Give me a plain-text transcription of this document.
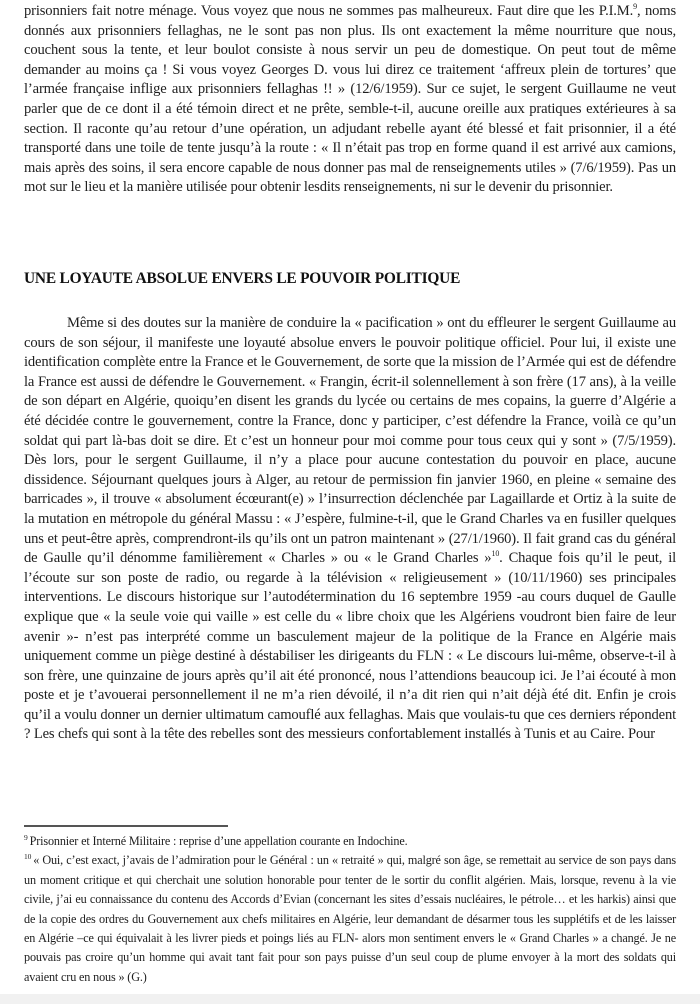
prisonniers fait notre ménage. Vous voyez que nous ne sommes pas malheureux. Faut dire que les P.I.M.$^9$, noms donnés aux prisonniers fellaghas, ne le sont pas non plus. Ils ont exactement la même nourriture que nous, couchent sous la tente, et leur boulot consiste à nous servir un peu de domestique. On peut tout de même demander au moins ça ! Si vous voyez Georges D. vous lui direz ce traitement ‘affreux plein de tortures’ que l’armée française inflige aux prisonniers fellaghas !! » (12/6/1959). Sur ce sujet, le sergent Guillaume ne veut parler que de ce dont il a été témoin direct et ne prête, semble-t-il, aucune oreille aux pratiques extérieures à sa section. Il raconte qu’au retour d’une opération, un adjudant rebelle ayant été blessé et fait prisonnier, il a été transporté dans une toile de tente jusqu’à la route : « Il n’était pas trop en forme quand il est arrivé aux camions, mais après des soins, il sera encore capable de nous donner pas mal de renseignements utiles » (7/6/1959). Pas un mot sur le lieu et la manière utilisée pour obtenir lesdits renseignements, ni sur le devenir du prisonnier.

UNE LOYAUTE ABSOLUE ENVERS LE POUVOIR POLITIQUE

Même si des doutes sur la manière de conduire la « pacification » ont du effleurer le sergent Guillaume au cours de son séjour, il manifeste une loyauté absolue envers le pouvoir politique officiel. Pour lui, il existe une identification complète entre la France et le Gouvernement, de sorte que la mission de l’Armée qui est de défendre la France est aussi de défendre le Gouvernement. « Frangin, écrit-il solennellement à son frère (17 ans), à la veille de son départ en Algérie, quoiqu’en disent les grands du lycée ou certains de mes copains, la guerre d’Algérie a été décidée contre le gouvernement, contre la France, donc y participer, c’est défendre la France, voilà ce qu’un soldat qui part là-bas doit se dire. Et c’est un honneur pour moi comme pour tous ceux qui y sont » (7/5/1959). Dès lors, pour le sergent Guillaume, il n’y a place pour aucune contestation du pouvoir en place, aucune dissidence. Séjournant quelques jours à Alger, au retour de permission fin janvier 1960, en pleine « semaine des barricades », il trouve « absolument écœurant(e) » l’insurrection déclenchée par Lagaillarde et Ortiz à la suite de la mutation en métropole du général Massu : « J’espère, fulmine-t-il, que le Grand Charles va en fusiller quelques uns et peut-être après, comprendront-ils qu’ils ont un patron maintenant » (27/1/1960). Il fait grand cas du général de Gaulle qu’il dénomme familièrement « Charles » ou « le Grand Charles »$^{10}$. Chaque fois qu’il le peut, il l’écoute sur son poste de radio, ou regarde à la télévision « religieusement » (10/11/1960) ses principales interventions. Le discours historique sur l’autodétermination du 16 septembre 1959 -au cours duquel de Gaulle explique que « la seule voie qui vaille » est celle du « libre choix que les Algériens voudront bien faire de leur avenir »- n’est pas interprété comme un basculement majeur de la politique de la France en Algérie mais uniquement comme un piège destiné à déstabiliser les dirigeants du FLN : « Le discours lui-même, observe-t-il à son frère, une quinzaine de jours après qu’il ait été prononcé, nous l’attendions beaucoup ici. Je l’ai écouté à mon poste et je t’avouerai personnellement il ne m’a rien dévoilé, il n’a dit rien qui n’ait déjà été dit. Enfin je crois qu’il a voulu donner un dernier ultimatum camouflé aux fellaghas. Mais que voulais-tu que ces derniers répondent ? Les chefs qui sont à la tête des rebelles sont des messieurs confortablement installés à Tunis et au Caire. Pour

$^9$ Prisonnier et Interné Militaire : reprise d’une appellation courante en Indochine.

$^{10}$ « Oui, c’est exact, j’avais de l’admiration pour le Général : un « retraité » qui, malgré son âge, se remettait au service de son pays dans un moment critique et qui cherchait une solution honorable pour tenter de le sortir du conflit algérien. Mais, lorsque, revenu à la vie civile, j’ai eu connaissance du contenu des Accords d’Evian (concernant les sites d’essais nucléaires, le pétrole… et les harkis) ainsi que de la copie des ordres du Gouvernement aux chefs militaires en Algérie, leur demandant de désarmer tous les supplétifs et de les laisser en Algérie –ce qui équivalait à les livrer pieds et poings liés au FLN- alors mon sentiment envers le « Grand Charles » a changé. Je ne pouvais pas croire qu’un homme qui avait tant fait pour son pays puisse d’un seul coup de plume envoyer à la mort des soldats qui avaient cru en nous » (G.)
